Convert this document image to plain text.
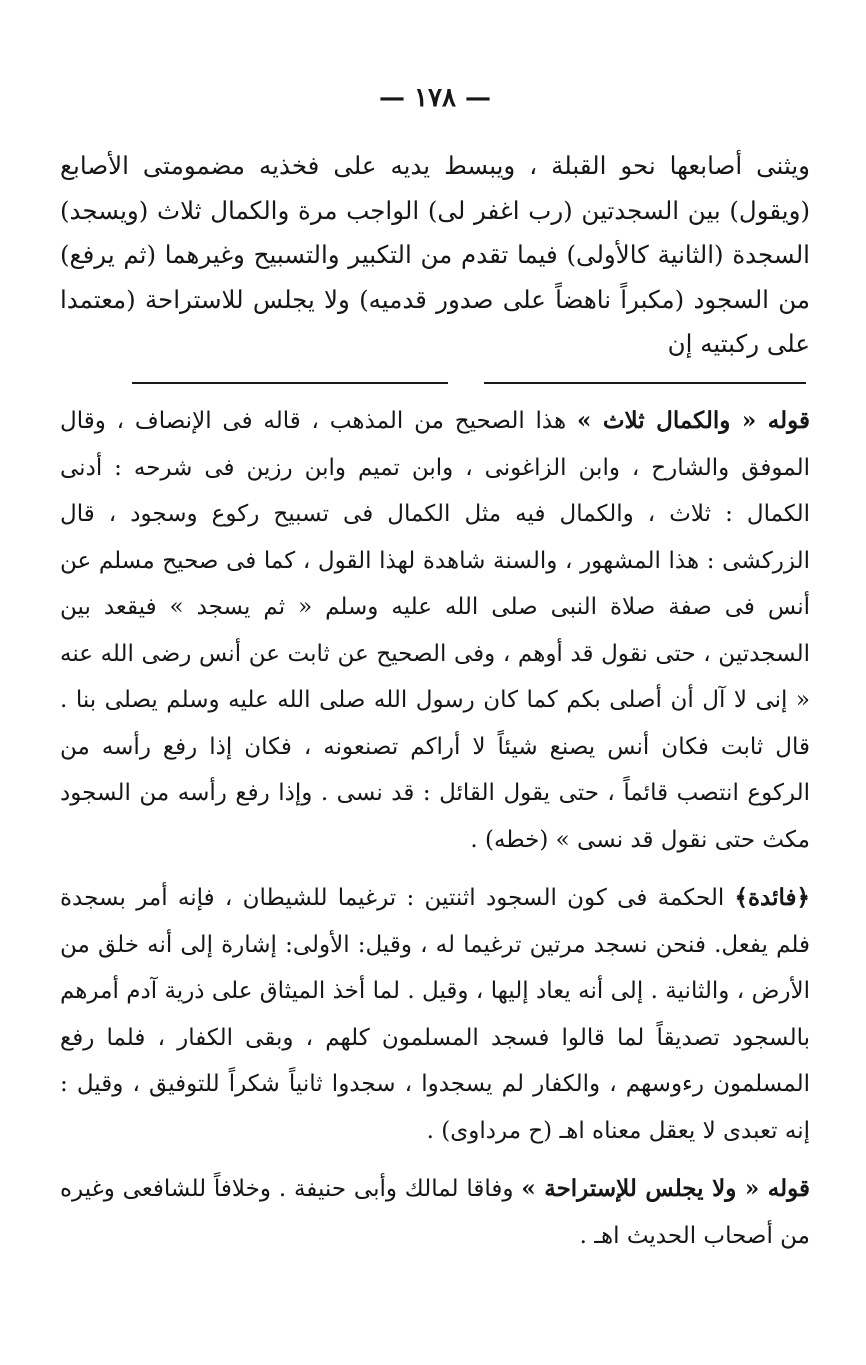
— ١٧٨ —

ويثنى أصابعها نحو القبلة ، ويبسط يديه على فخذيه مضمومتى الأصابع (ويقول) بين السجدتين (رب اغفر لى) الواجب مرة والكمال ثلاث (ويسجد) السجدة (الثانية كالأولى) فيما تقدم من التكبير والتسبيح وغيرهما (ثم يرفع) من السجود (مكبراً ناهضاً على صدور قدميه) ولا يجلس للاستراحة (معتمدا على ركبتيه إن

قوله « والكمال ثلاث » هذا الصحيح من المذهب ، قاله فى الإنصاف ، وقال الموفق والشارح ، وابن الزاغونى ، وابن تميم وابن رزين فى شرحه : أدنى الكمال : ثلاث ، والكمال فيه مثل الكمال فى تسبيح ركوع وسجود ، قال الزركشى : هذا المشهور ، والسنة شاهدة لهذا القول ، كما فى صحيح مسلم عن أنس فى صفة صلاة النبى صلى الله عليه وسلم « ثم يسجد » فيقعد بين السجدتين ، حتى نقول قد أوهم ، وفى الصحيح عن ثابت عن أنس رضى الله عنه « إنى لا آل أن أصلى بكم كما كان رسول الله صلى الله عليه وسلم يصلى بنا . قال ثابت فكان أنس يصنع شيئاً لا أراكم تصنعونه ، فكان إذا رفع رأسه من الركوع انتصب قائماً ، حتى يقول القائل : قد نسى . وإذا رفع رأسه من السجود مكث حتى نقول قد نسى » (خطه) .

﴿فائدة﴾ الحكمة فى كون السجود اثنتين : ترغيما للشيطان ، فإنه أمر بسجدة فلم يفعل. فنحن نسجد مرتين ترغيما له ، وقيل: الأولى: إشارة إلى أنه خلق من الأرض ، والثانية . إلى أنه يعاد إليها ، وقيل . لما أخذ الميثاق على ذرية آدم أمرهم بالسجود تصديقاً لما قالوا فسجد المسلمون كلهم ، وبقى الكفار ، فلما رفع المسلمون رءوسهم ، والكفار لم يسجدوا ، سجدوا ثانياً شكراً للتوفيق ، وقيل : إنه تعبدى لا يعقل معناه اهـ (ح مرداوى) .

قوله « ولا يجلس للإستراحة » وفاقا لمالك وأبى حنيفة . وخلافاً للشافعى وغيره من أصحاب الحديث اهـ .
